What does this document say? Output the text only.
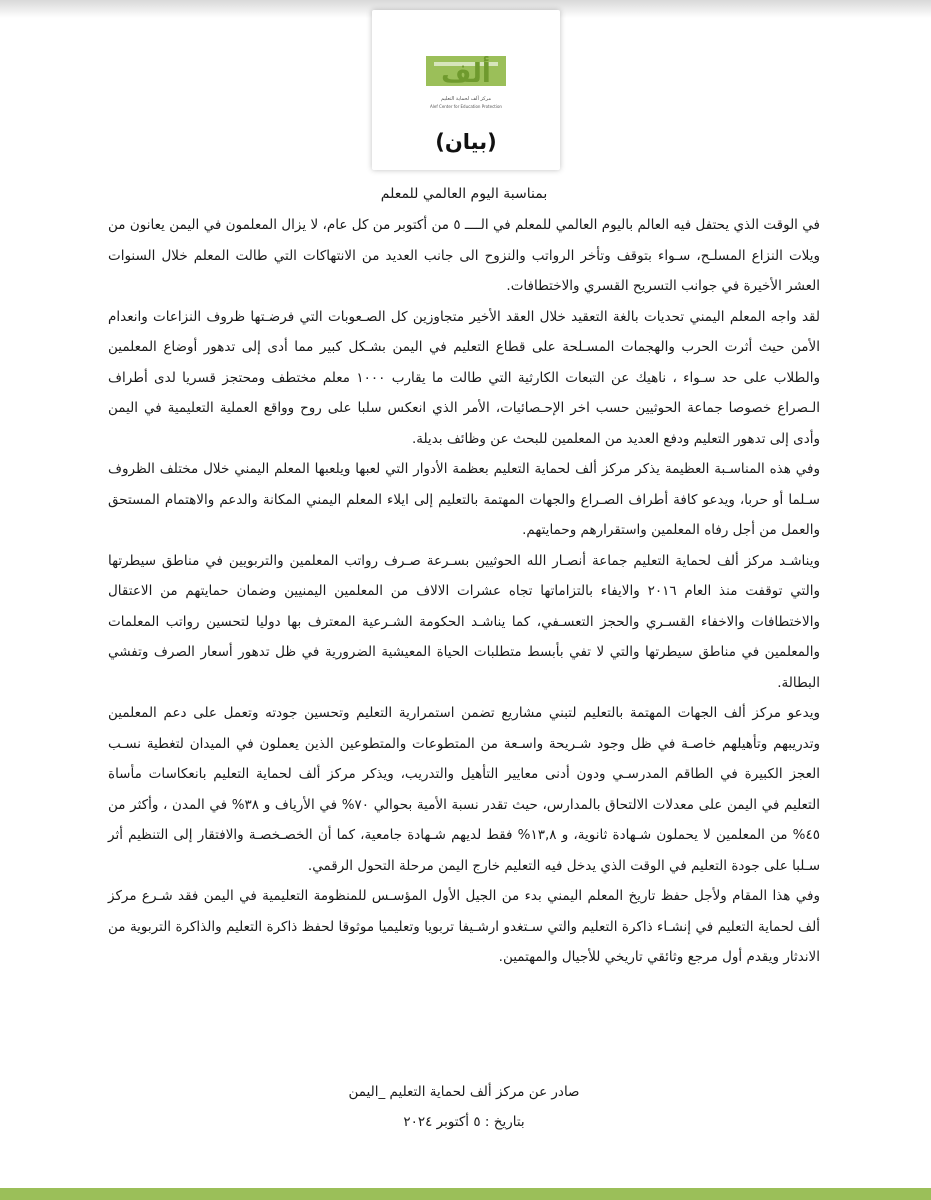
ألف
مركز ألف لحماية التعليم
Alef Center for Education Protection
(بيان)

بمناسبة اليوم العالمي للمعلم

في الوقت الذي يحتفل فيه العالم باليوم العالمي للمعلم في الــــ ٥ من أكتوبر من كل عام، لا يزال المعلمون في اليمن يعانون من ويلات النزاع المسلـح، سـواء بتوقف وتأخر الرواتب والنزوح الى جانب العديد من الانتهاكات التي طالت المعلم خلال السنوات العشر الأخيرة في جوانب التسريح القسري والاختطافات.

لقد واجه المعلم اليمني تحديات بالغة التعقيد خلال العقد الأخير متجاوزين كل الصـعوبات التي فرضـتها ظروف النزاعات وانعدام الأمن حيث أثرت الحرب والهجمات المسـلحة على قطاع التعليم في اليمن بشـكل كبير مما أدى إلى تدهور أوضاع المعلمين والطلاب على حد سـواء ، ناهيك عن التبعات الكارثية التي طالت ما يقارب ١٠٠٠ معلم مختطف ومحتجز قسريا لدى أطراف الـصراع خصوصا جماعة الحوثيين حسب اخر الإحـصائيات، الأمر الذي انعكس سلبا على روح وواقع العملية التعليمية في اليمن وأدى إلى تدهور التعليم ودفع العديد من المعلمين للبحث عن وظائف بديلة.

وفي هذه المناسـبة العظيمة يذكر مركز ألف لحماية التعليم بعظمة الأدوار التي لعبها ويلعبها المعلم اليمني خلال مختلف الظروف سـلما أو حربا، ويدعو كافة أطراف الصـراع والجهات المهتمة بالتعليم إلى ايلاء المعلم اليمني المكانة والدعم والاهتمام المستحق والعمل من أجل رفاه المعلمين واستقرارهم وحمايتهم.

ويناشـد مركز ألف لحماية التعليم جماعة أنصـار الله الحوثيين بسـرعة صـرف رواتب المعلمين والتربويين في مناطق سيطرتها والتي توقفت منذ العام ٢٠١٦ والايفاء بالتزاماتها تجاه عشرات الالاف من المعلمين اليمنيين وضمان حمايتهم من الاعتقال والاختطافات والاخفاء القسـري والحجز التعسـفي، كما يناشـد الحكومة الشـرعية المعترف بها دوليا لتحسين رواتب المعلمات والمعلمين في مناطق سيطرتها والتي لا تفي بأبسط متطلبات الحياة المعيشية الضرورية في ظل تدهور أسعار الصرف وتفشي البطالة.

ويدعو مركز ألف الجهات المهتمة بالتعليم لتبني مشاريع تضمن استمرارية التعليم وتحسين جودته وتعمل على دعم المعلمين وتدريبهم وتأهيلهم خاصـة في ظل وجود شـريحة واسـعة من المتطوعات والمتطوعين الذين يعملون في الميدان لتغطية نسـب العجز الكبيرة في الطاقم المدرسـي ودون أدنى معايير التأهيل والتدريب، ويذكر مركز ألف لحماية التعليم بانعكاسات مأساة التعليم في اليمن على معدلات الالتحاق بالمدارس، حيث تقدر نسبة الأمية بحوالي ٧٠% في الأرياف و ٣٨% في المدن ، وأكثر من ٤٥% من المعلمين لا يحملون شـهادة ثانوية، و ١٣,٨% فقط لديهم شـهادة جامعية، كما أن الخصـخصـة والافتقار إلى التنظيم أثر سـلبا على جودة التعليم في الوقت الذي يدخل فيه التعليم خارج اليمن مرحلة التحول الرقمي.

وفي هذا المقام ولأجل حفظ تاريخ المعلم اليمني بدء من الجيل الأول المؤسـس للمنظومة التعليمية في اليمن فقد شـرع مركز ألف لحماية التعليم في إنشـاء ذاكرة التعليم والتي سـتغدو ارشـيفا تربويا وتعليميا موثوقا لحفظ ذاكرة التعليم والذاكرة التربوية من الاندثار ويقدم أول مرجع وثائقي تاريخي للأجيال والمهتمين.

صادر عن مركز ألف لحماية التعليم _اليمن
بتاريخ : ٥ أكتوبر ٢٠٢٤
